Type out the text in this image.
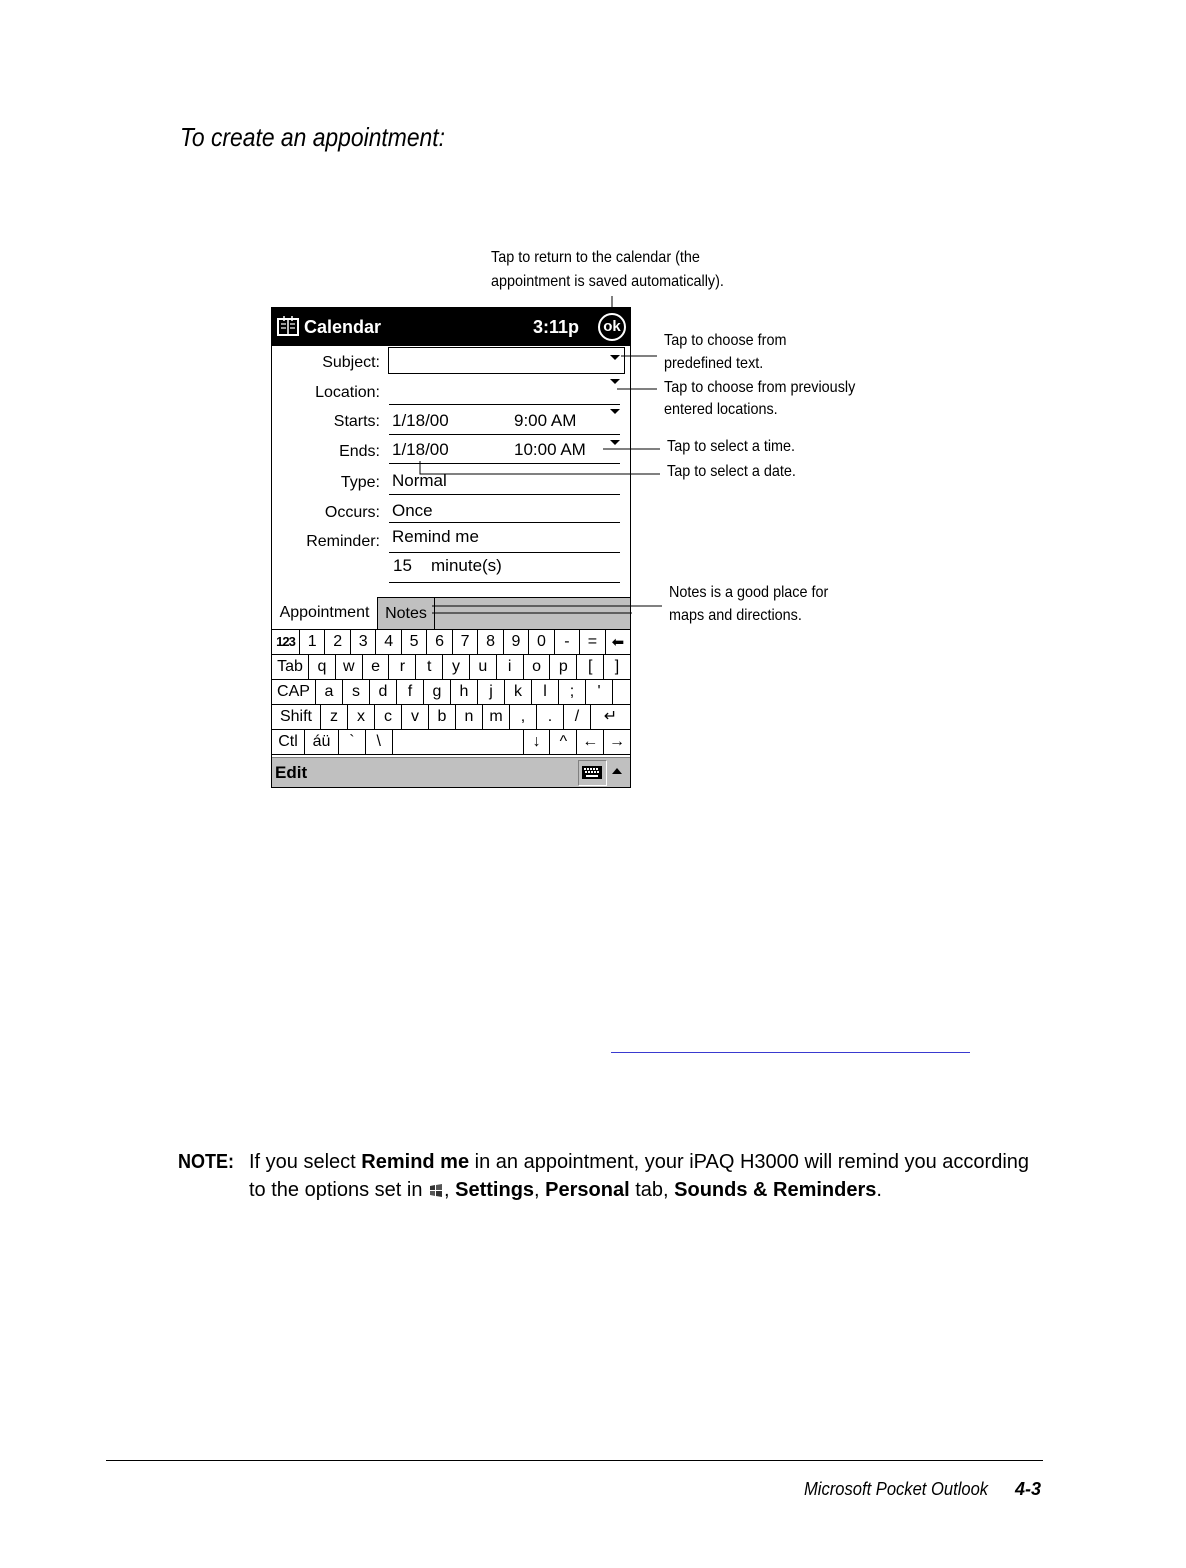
To create an appointment:
Tap to return to the calendar (the
appointment is saved automatically).
Tap to choose from
predefined text.
Tap to choose from previously
entered locations.
Tap to select a time.
Tap to select a date.
Notes is a good place for
maps and directions.
Calendar	3:11p	ok
Subject:
Location:
Starts: 1/18/00	9:00 AM
Ends: 1/18/00	10:00 AM
Type: Normal
Occurs: Once
Reminder: Remind me
15 minute(s)
Appointment Notes
123 1	2	3	4	5	6	7	8	9	0	-	= ⬅
Tab q	w	e	r	t	y	u	i	o	p	[	]
CAP a	s	d	f	g	h	j	k	l	;	'
Shift	z	x	c	v	b	n m	,	.	/	↵
Ctl áü	`	\	↓	^ ← →
Edit
NOTE: If you select Remind me in an appointment, your iPAQ H3000 will remind you according
to the options set in , Settings, Personal tab, Sounds & Reminders.
Microsoft Pocket Outlook 4-3
